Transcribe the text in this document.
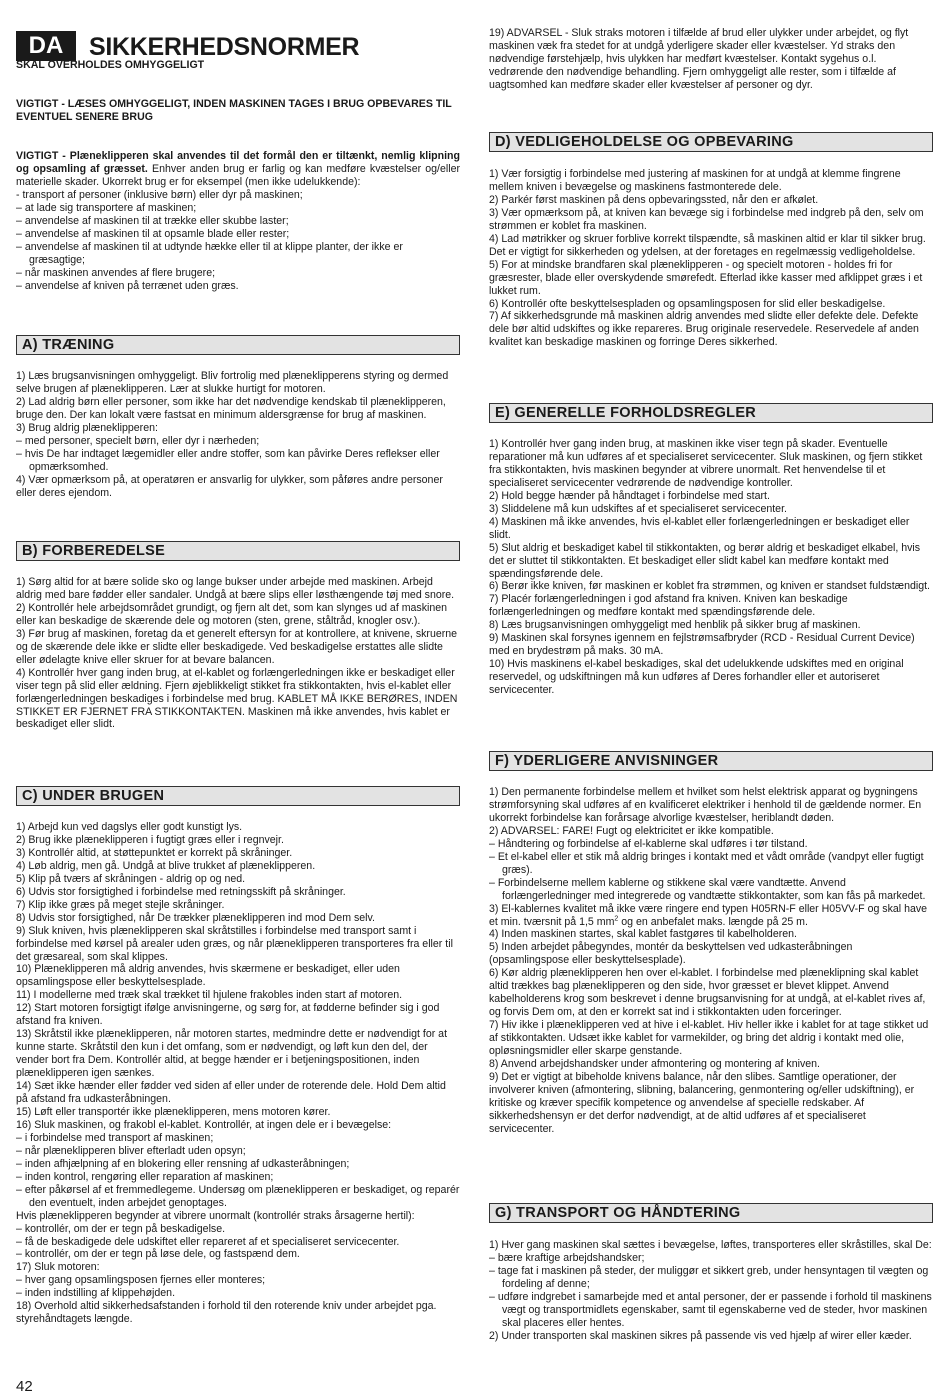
DA	SIKKERHEDSNORMER
SKAL OVERHOLDES OMHYGGELIGT

VIGTIGT - LÆSES OMHYGGELIGT, INDEN MASKINEN TAGES I BRUG OPBEVARES TIL EVENTUEL SENERE BRUG

VIGTIGT - Plæneklipperen skal anvendes til det formål den er tiltænkt, nemlig klipning og opsamling af græsset. Enhver anden brug er farlig og kan medføre kvæstelser og/eller materielle skader. Ukorrekt brug er for eksempel (men ikke udelukkende):

- transport af personer (inklusive børn) eller dyr på maskinen;

– at lade sig transportere af maskinen;

– anvendelse af maskinen til at trække eller skubbe laster;

– anvendelse af maskinen til at opsamle blade eller rester;

– anvendelse af maskinen til at udtynde hække eller til at klippe planter, der ikke er græsagtige;

– når maskinen anvendes af flere brugere;

– anvendelse af kniven på terrænet uden græs.

A) TRÆNING

1) Læs brugsanvisningen omhyggeligt. Bliv fortrolig med plæneklipperens styring og dermed selve brugen af plæneklipperen. Lær at slukke hurtigt for motoren.

2) Lad aldrig børn eller personer, som ikke har det nødvendige kendskab til plæneklipperen, bruge den. Der kan lokalt være fastsat en minimum aldersgrænse for brug af maskinen.

3) Brug aldrig plæneklipperen:

– med personer, specielt børn, eller dyr i nærheden;

– hvis De har indtaget lægemidler eller andre stoffer, som kan påvirke Deres reflekser eller opmærksomhed.

4) Vær opmærksom på, at operatøren er ansvarlig for ulykker, som påføres andre personer eller deres ejendom.

B) FORBEREDELSE

1) Sørg altid for at bære solide sko og lange bukser under arbejde med maskinen. Arbejd aldrig med bare fødder eller sandaler. Undgå at bære slips eller løsthængende tøj med snore.

2) Kontrollér hele arbejdsområdet grundigt, og fjern alt det, som kan slynges ud af maskinen eller kan beskadige de skærende dele og motoren (sten, grene, ståltråd, knogler osv.).

3) Før brug af maskinen, foretag da et generelt eftersyn for at kontrollere, at knivene, skruerne og de skærende dele ikke er slidte eller beskadigede. Ved beskadigelse erstattes alle slidte eller ødelagte knive eller skruer for at bevare balancen.

4) Kontrollér hver gang inden brug, at el-kablet og forlængerledningen ikke er beskadiget eller viser tegn på slid eller ældning. Fjern øjeblikkeligt stikket fra stikkontakten, hvis el-kablet eller forlængerledningen beskadiges i forbindelse med brug. KABLET MÅ IKKE BERØRES, INDEN STIKKET ER FJERNET FRA STIKKONTAKTEN. Maskinen må ikke anvendes, hvis kablet er beskadiget eller slidt.

C) UNDER BRUGEN

1) Arbejd kun ved dagslys eller godt kunstigt lys.

2) Brug ikke plæneklipperen i fugtigt græs eller i regnvejr.

3) Kontrollér altid, at støttepunktet er korrekt på skråninger.

4) Løb aldrig, men gå. Undgå at blive trukket af plæneklipperen.

5) Klip på tværs af skråningen - aldrig op og ned.

6) Udvis stor forsigtighed i forbindelse med retningsskift på skråninger.

7) Klip ikke græs på meget stejle skråninger.

8) Udvis stor forsigtighed, når De trækker plæneklipperen ind mod Dem selv.

9) Sluk kniven, hvis plæneklipperen skal skråtstilles i forbindelse med transport samt i forbindelse med kørsel på arealer uden græs, og når plæneklipperen transporteres fra eller til det græsareal, som skal klippes.

10) Plæneklipperen må aldrig anvendes, hvis skærmene er beskadiget, eller uden opsamlingspose eller beskyttelsesplade.

11) I modellerne med træk skal trækket til hjulene frakobles inden start af motoren.

12) Start motoren forsigtigt ifølge anvisningerne, og sørg for, at fødderne befinder sig i god afstand fra kniven.

13) Skråtstil ikke plæneklipperen, når motoren startes, medmindre dette er nødvendigt for at kunne starte. Skråtstil den kun i det omfang, som er nødvendigt, og løft kun den del, der vender bort fra Dem. Kontrollér altid, at begge hænder er i betjeningspositionen, inden plæneklipperen igen sænkes.

14) Sæt ikke hænder eller fødder ved siden af eller under de roterende dele. Hold Dem altid på afstand fra udkasteråbningen.

15) Løft eller transportér ikke plæneklipperen, mens motoren kører.

16) Sluk maskinen, og frakobl el-kablet. Kontrollér, at ingen dele er i bevægelse:

– i forbindelse med transport af maskinen;

– når plæneklipperen bliver efterladt uden opsyn;

– inden afhjælpning af en blokering eller rensning af udkasteråbningen;

– inden kontrol, rengøring eller reparation af maskinen;

– efter påkørsel af et fremmedlegeme. Undersøg om plæneklipperen er beskadiget, og reparér den eventuelt, inden arbejdet genoptages.

Hvis plæneklipperen begynder at vibrere unormalt (kontrollér straks årsagerne hertil):

– kontrollér, om der er tegn på beskadigelse.

– få de beskadigede dele udskiftet eller repareret af et specialiseret servicecenter.

– kontrollér, om der er tegn på løse dele, og fastspænd dem.

17) Sluk motoren:

– hver gang opsamlingsposen fjernes eller monteres;

– inden indstilling af klippehøjden.

18) Overhold altid sikkerhedsafstanden i forhold til den roterende kniv under arbejdet pga. styrehåndtagets længde.

19) ADVARSEL - Sluk straks motoren i tilfælde af brud eller ulykker under arbejdet, og flyt maskinen væk fra stedet for at undgå yderligere skader eller kvæstelser. Yd straks den nødvendige førstehjælp, hvis ulykken har medført kvæstelser. Kontakt sygehus o.l. vedrørende den nødvendige behandling. Fjern omhyggeligt alle rester, som i tilfælde af uagtsomhed kan medføre skader eller kvæstelser af personer og dyr.

D) VEDLIGEHOLDELSE OG OPBEVARING

1) Vær forsigtig i forbindelse med justering af maskinen for at undgå at klemme fingrene mellem kniven i bevægelse og maskinens fastmonterede dele.

2) Parkér først maskinen på dens opbevaringssted, når den er afkølet.

3) Vær opmærksom på, at kniven kan bevæge sig i forbindelse med indgreb på den, selv om strømmen er koblet fra maskinen.

4) Lad møtrikker og skruer forblive korrekt tilspændte, så maskinen altid er klar til sikker brug. Det er vigtigt for sikkerheden og ydelsen, at der foretages en regelmæssig vedligeholdelse.

5) For at mindske brandfaren skal plæneklipperen - og specielt motoren - holdes fri for græsrester, blade eller overskydende smørefedt. Efterlad ikke kasser med afklippet græs i et lukket rum.

6) Kontrollér ofte beskyttelsespladen og opsamlingsposen for slid eller beskadigelse.

7) Af sikkerhedsgrunde må maskinen aldrig anvendes med slidte eller defekte dele. Defekte dele bør altid udskiftes og ikke repareres. Brug originale reservedele. Reservedele af anden kvalitet kan beskadige maskinen og forringe Deres sikkerhed.

E) GENERELLE FORHOLDSREGLER

1) Kontrollér hver gang inden brug, at maskinen ikke viser tegn på skader. Eventuelle reparationer må kun udføres af et specialiseret servicecenter. Sluk maskinen, og fjern stikket fra stikkontakten, hvis maskinen begynder at vibrere unormalt. Ret henvendelse til et specialiseret servicecenter vedrørende de nødvendige kontroller.

2) Hold begge hænder på håndtaget i forbindelse med start.

3) Sliddelene må kun udskiftes af et specialiseret servicecenter.

4) Maskinen må ikke anvendes, hvis el-kablet eller forlængerledningen er beskadiget eller slidt.

5) Slut aldrig et beskadiget kabel til stikkontakten, og berør aldrig et beskadiget elkabel, hvis det er sluttet til stikkontakten. Et beskadiget eller slidt kabel kan medføre kontakt med spændingsførende dele.

6) Berør ikke kniven, før maskinen er koblet fra strømmen, og kniven er standset fuldstændigt.

7) Placér forlængerledningen i god afstand fra kniven. Kniven kan beskadige forlængerledningen og medføre kontakt med spændingsførende dele.

8) Læs brugsanvisningen omhyggeligt med henblik på sikker brug af maskinen.

9) Maskinen skal forsynes igennem en fejlstrømsafbryder (RCD - Residual Current Device) med en brydestrøm på maks. 30 mA.

10) Hvis maskinens el-kabel beskadiges, skal det udelukkende udskiftes med en original reservedel, og udskiftningen må kun udføres af Deres forhandler eller et autoriseret servicecenter.

F) YDERLIGERE ANVISNINGER

1) Den permanente forbindelse mellem et hvilket som helst elektrisk apparat og bygningens strømforsyning skal udføres af en kvalificeret elektriker i henhold til de gældende normer. En ukorrekt forbindelse kan forårsage alvorlige kvæstelser, heriblandt døden.

2) ADVARSEL: FARE! Fugt og elektricitet er ikke kompatible.

– Håndtering og forbindelse af el-kablerne skal udføres i tør tilstand.

– Et el-kabel eller et stik må aldrig bringes i kontakt med et vådt område (vandpyt eller fugtigt græs).

– Forbindelserne mellem kablerne og stikkene skal være vandtætte. Anvend forlængerledninger med integrerede og vandtætte stikkontakter, som kan fås på markedet.

3) El-kablernes kvalitet må ikke være ringere end typen H05RN-F eller H05VV-F og skal have et min. tværsnit på 1,5 $mm^2$ og en anbefalet maks. længde på 25 m.

4) Inden maskinen startes, skal kablet fastgøres til kabelholderen.

5) Inden arbejdet påbegyndes, montér da beskyttelsen ved udkasteråbningen (opsamlingspose eller beskyttelsesplade).

6) Kør aldrig plæneklipperen hen over el-kablet. I forbindelse med plæneklipning skal kablet altid trækkes bag plæneklipperen og den side, hvor græsset er blevet klippet. Anvend kabelholderens krog som beskrevet i denne brugsanvisning for at undgå, at el-kablet rives af, og forvis Dem om, at den er korrekt sat ind i stikkontakten uden forceringer.

7) Hiv ikke i plæneklipperen ved at hive i el-kablet. Hiv heller ikke i kablet for at tage stikket ud af stikkontakten. Udsæt ikke kablet for varmekilder, og bring det aldrig i kontakt med olie, opløsningsmidler eller skarpe genstande.

8) Anvend arbejdshandsker under afmontering og montering af kniven.

9) Det er vigtigt at bibeholde knivens balance, når den slibes. Samtlige operationer, der involverer kniven (afmontering, slibning, balancering, genmontering og/eller udskiftning), er kritiske og kræver specifik kompetence og anvendelse af specielle redskaber. Af sikkerhedshensyn er det derfor nødvendigt, at de altid udføres af et specialiseret servicecenter.

G) TRANSPORT OG HÅNDTERING

1) Hver gang maskinen skal sættes i bevægelse, løftes, transporteres eller skråstilles, skal De:

– bære kraftige arbejdshandsker;

– tage fat i maskinen på steder, der muliggør et sikkert greb, under hensyntagen til vægten og fordeling af denne;

– udføre indgrebet i samarbejde med et antal personer, der er passende i forhold til maskinens vægt og transportmidlets egenskaber, samt til egenskaberne ved de steder, hvor maskinen skal placeres eller hentes.

2) Under transporten skal maskinen sikres på passende vis ved hjælp af wirer eller kæder.

42
